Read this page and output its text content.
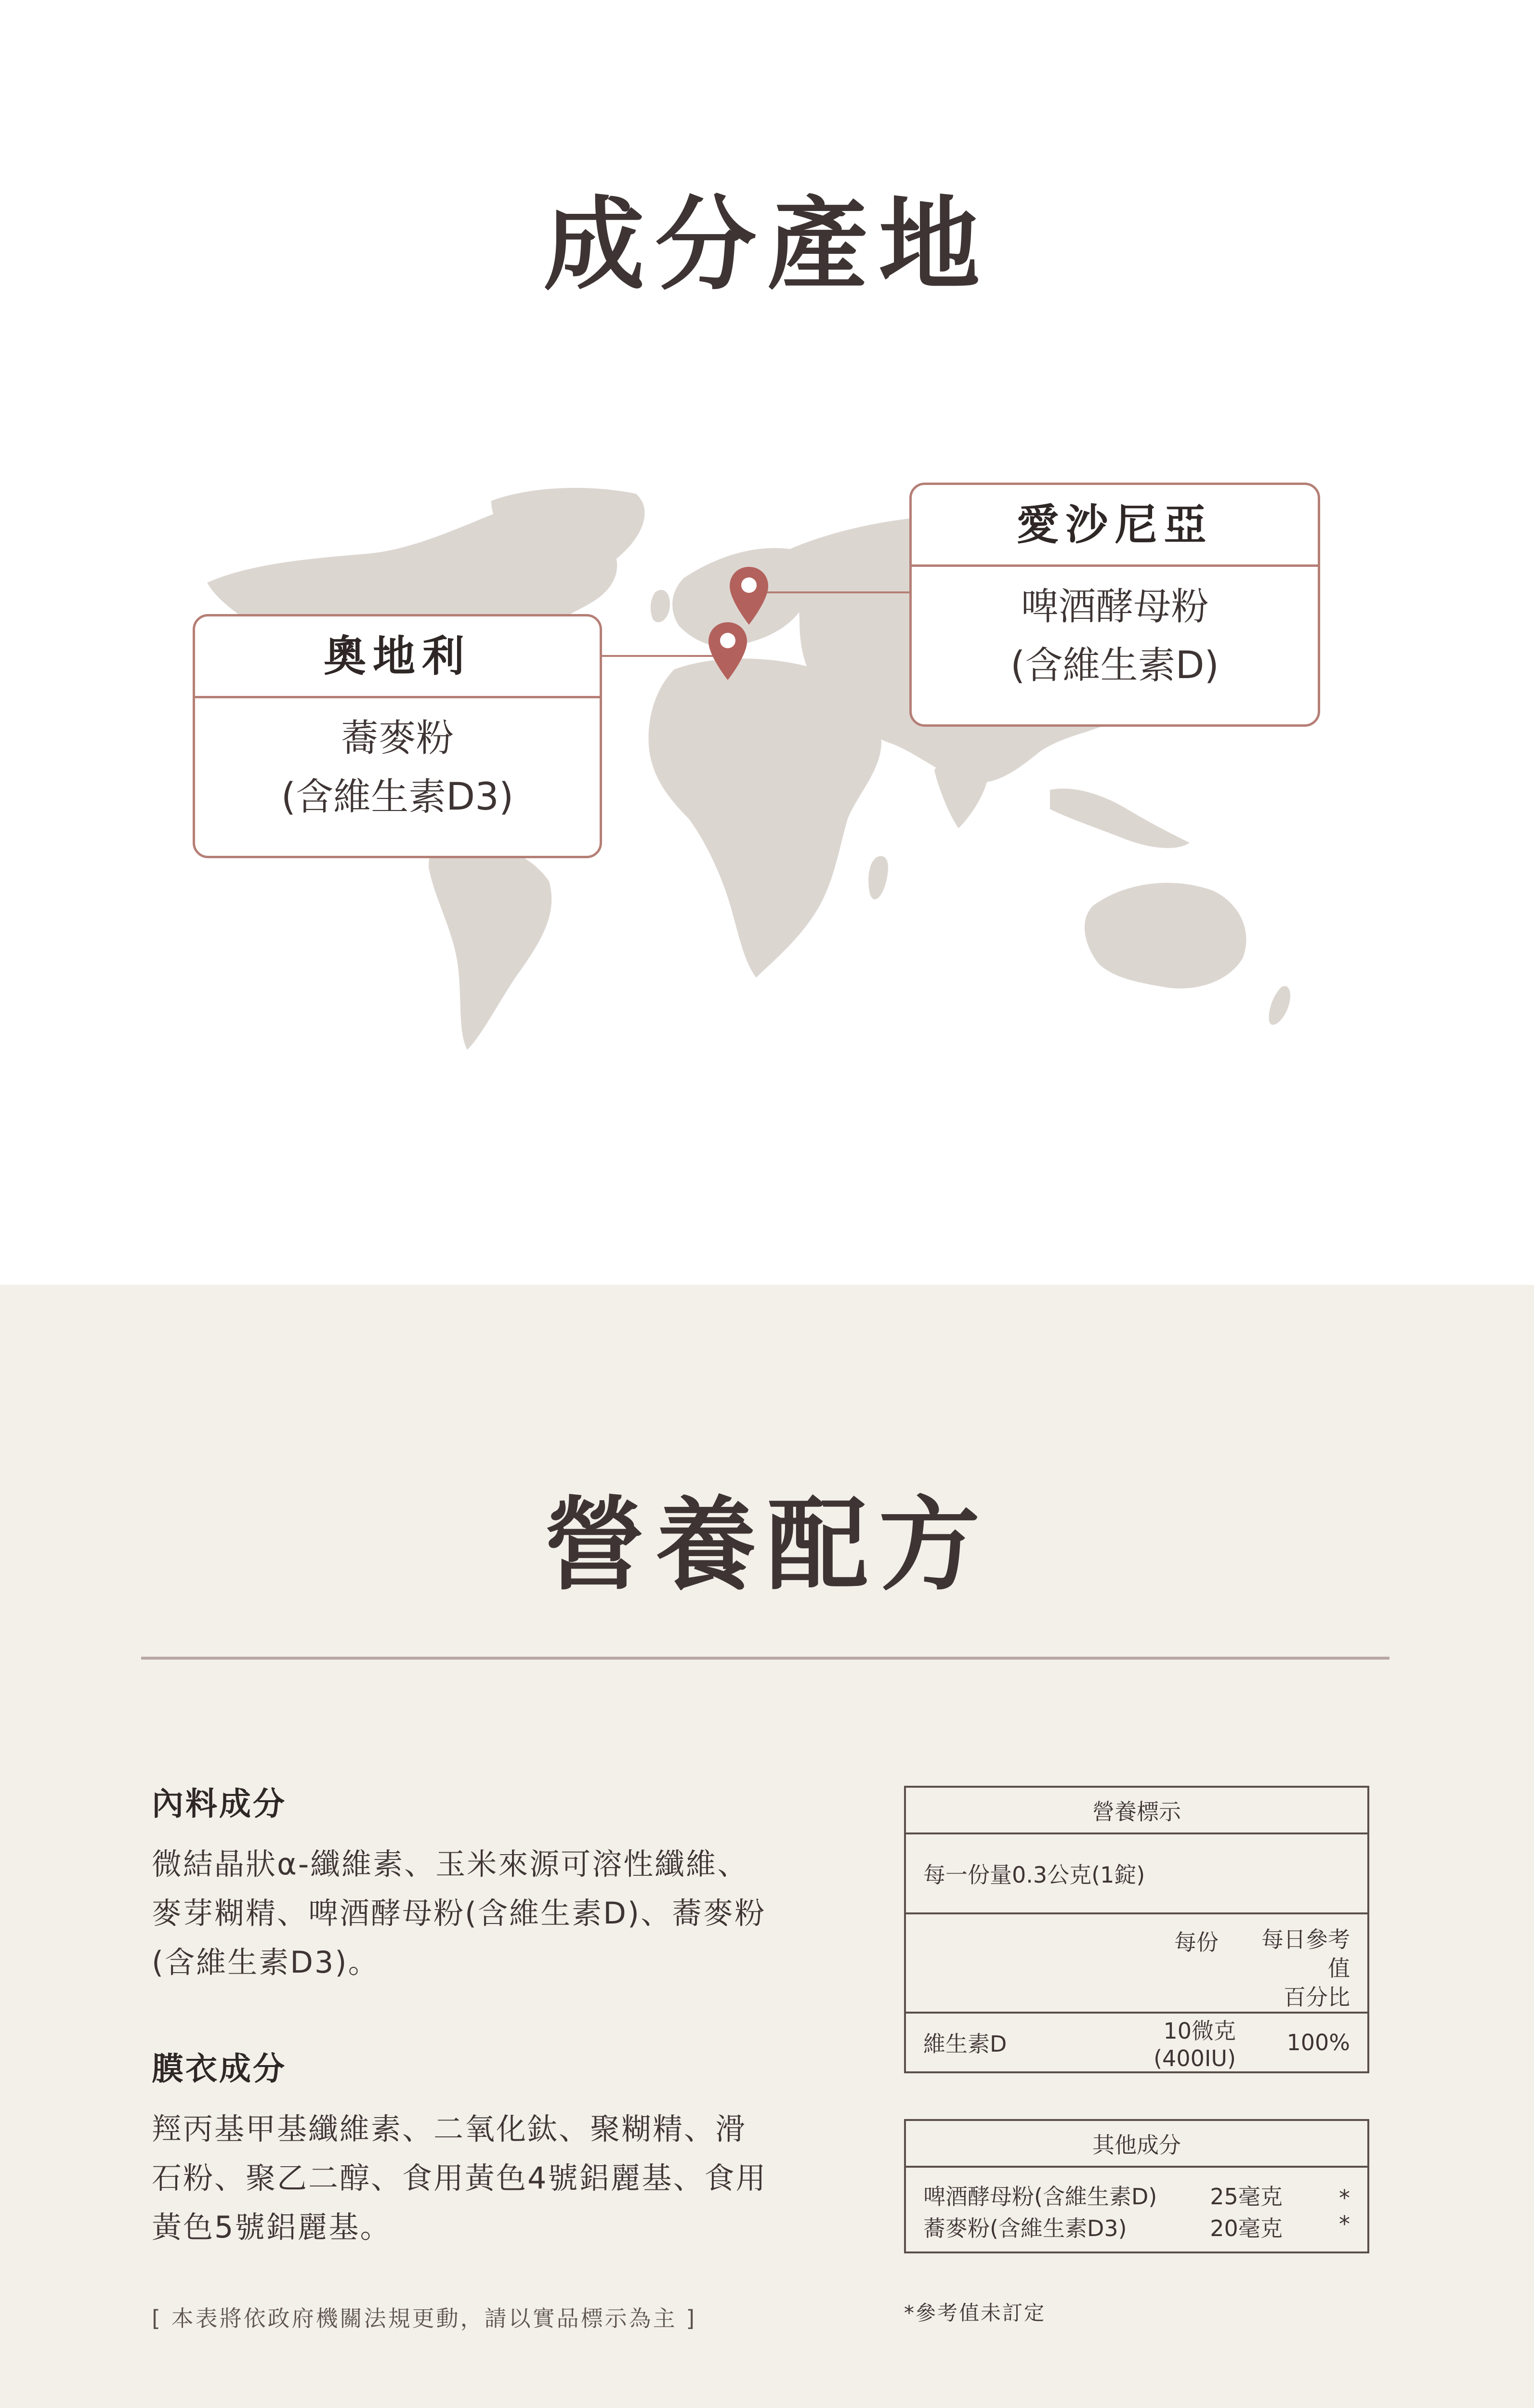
成分產地
奧地利
蕎麥粉
(含維生素D3)
愛沙尼亞
啤酒酵母粉
(含維生素D)
營養配方
內料成分
微結晶狀α-纖維素、玉米來源可溶性纖維、
麥芽糊精、啤酒酵母粉(含維生素D)、蕎麥粉
(含維生素D3)。
膜衣成分
羥丙基甲基纖維素、二氧化鈦、聚糊精、滑
石粉、聚乙二醇、食用黃色4號鋁麗基、食用
黃色5號鋁麗基。
[ 本表將依政府機關法規更動，請以實品標示為主 ]
營養標示		
每一份量0.3公克(1錠)		
	每份	每日參考值
百分比

維生素D	10微克(400IU)	100%
其他成分		
啤酒酵母粉(含維生素D)	25毫克	*
蕎麥粉(含維生素D3)	20毫克	*
*參考值未訂定
